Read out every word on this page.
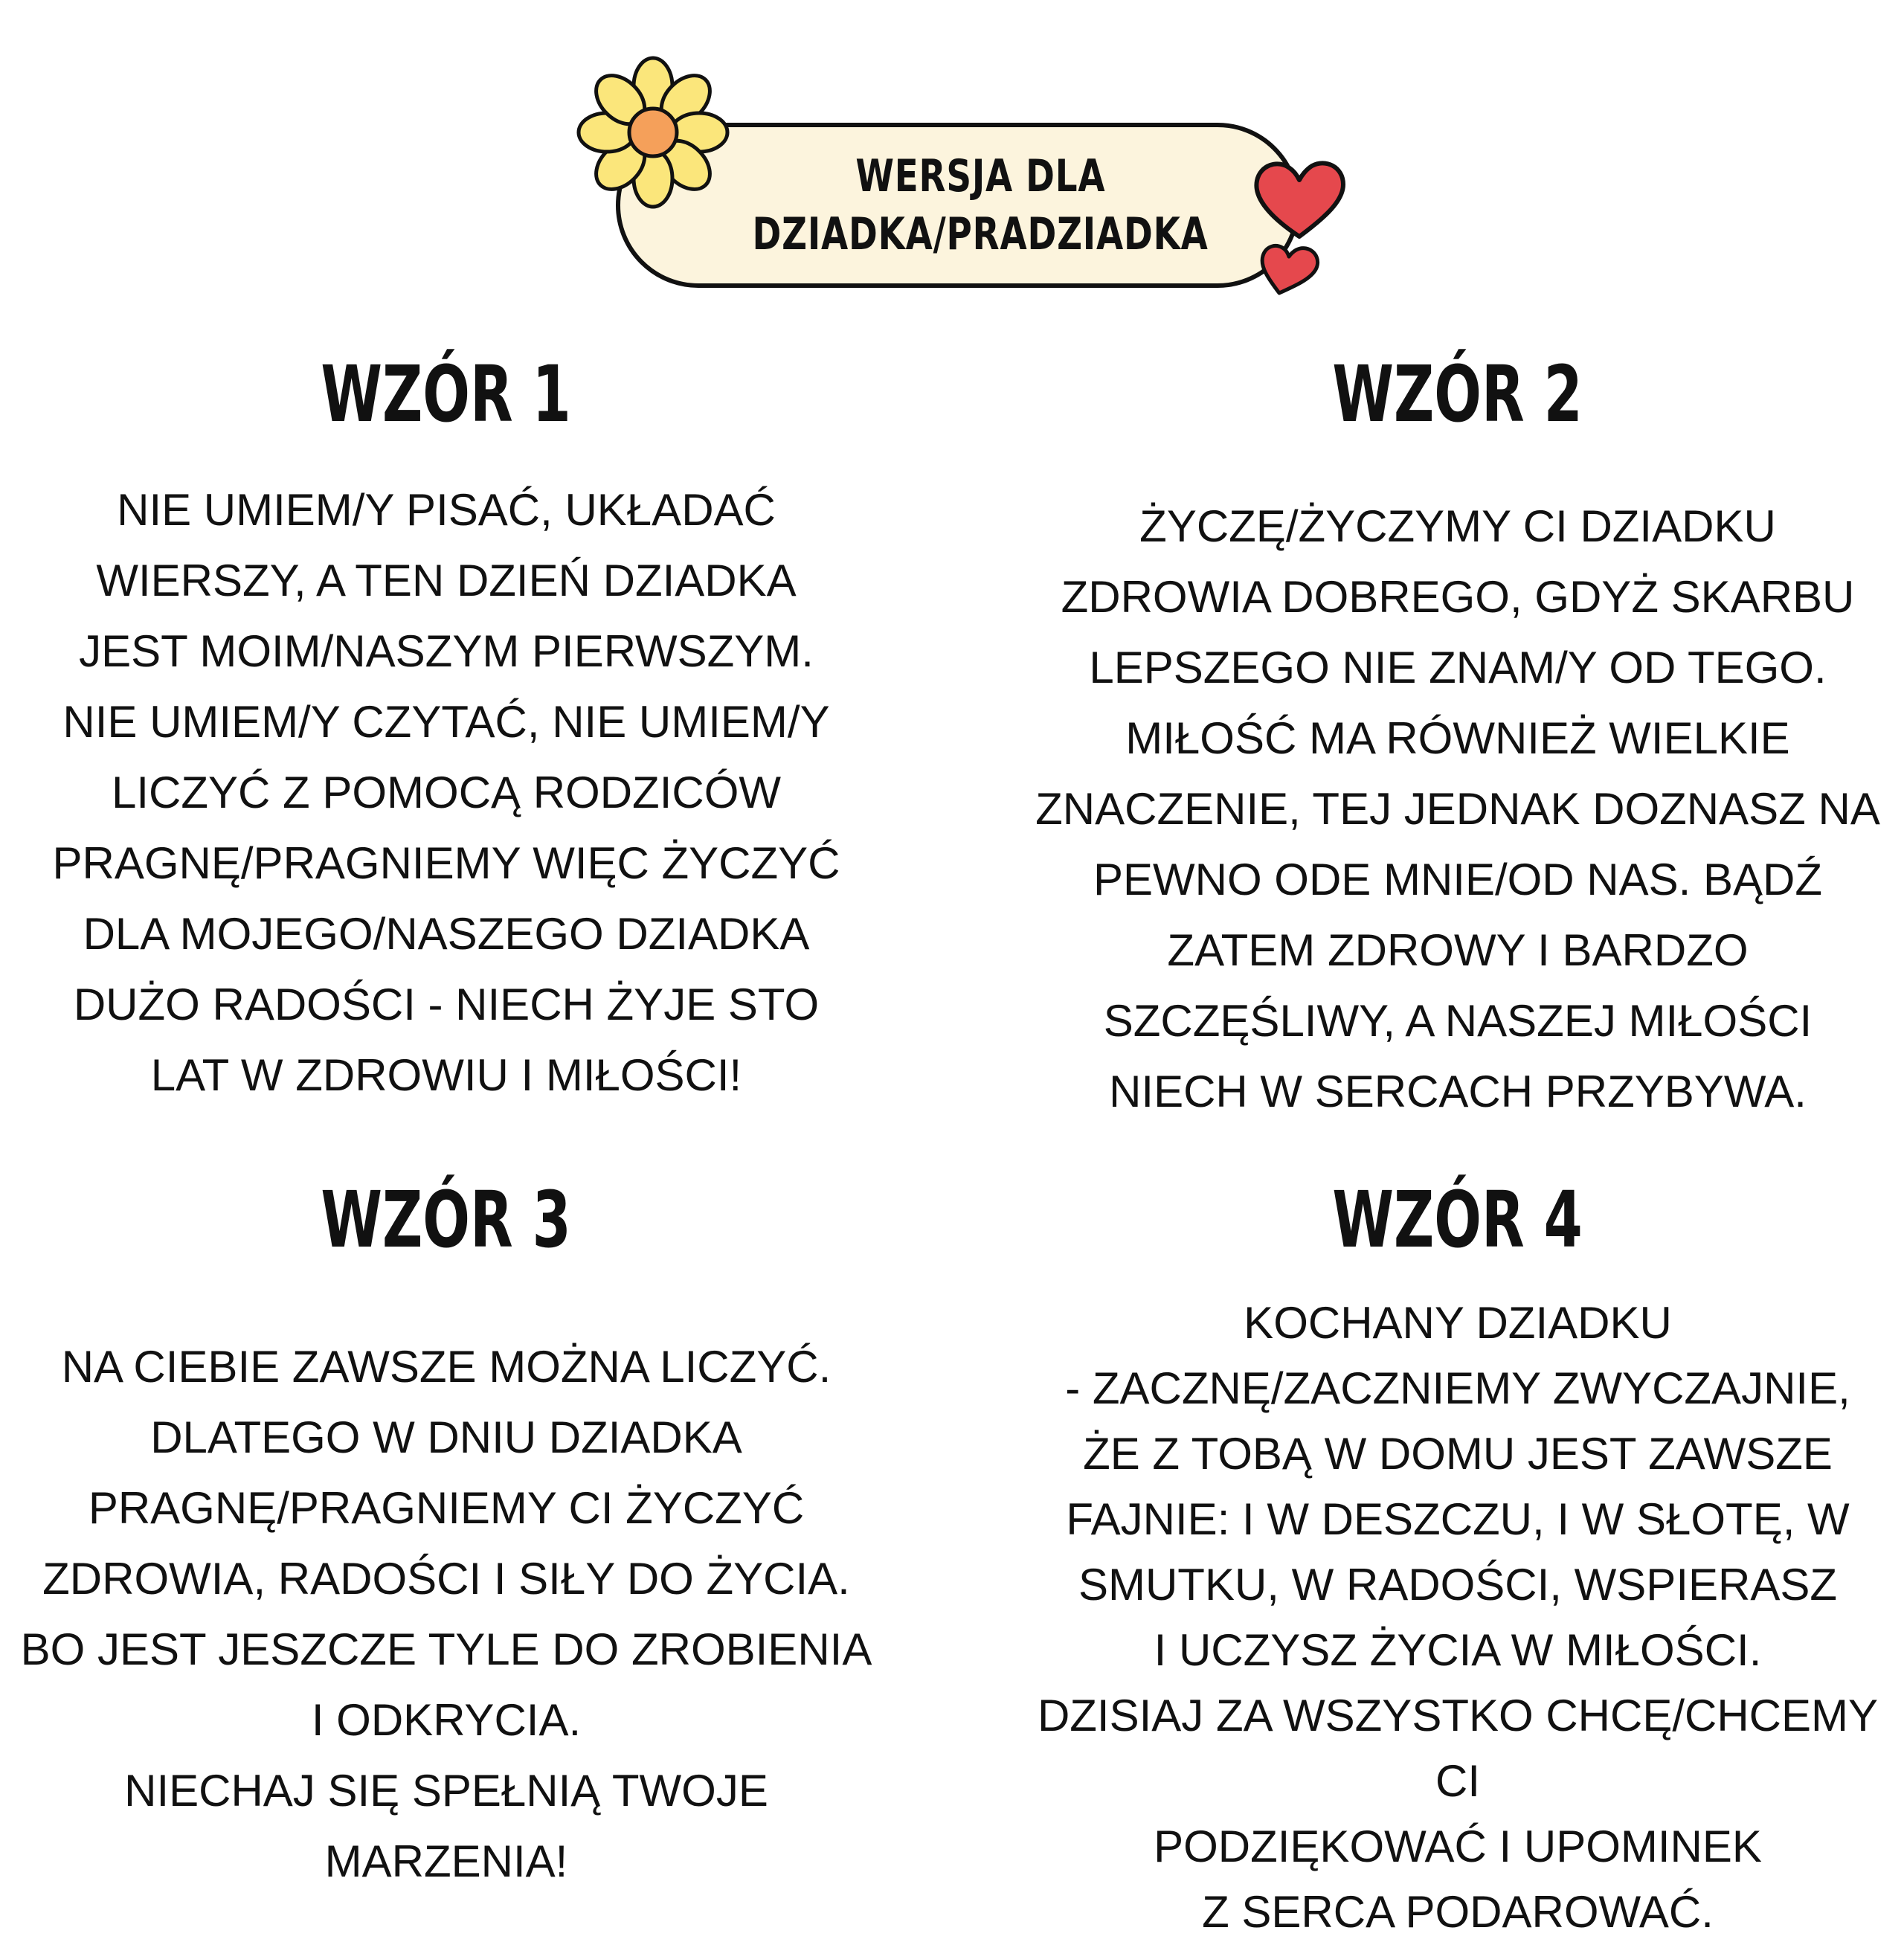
WERSJA DLA
DZIADKA/PRADZIADKA
WZÓR 1
NIE UMIEM/Y PISAĆ, UKŁADAĆ
WIERSZY, A TEN DZIEŃ DZIADKA
JEST MOIM/NASZYM PIERWSZYM.
NIE UMIEM/Y CZYTAĆ, NIE UMIEM/Y
LICZYĆ Z POMOCĄ RODZICÓW
PRAGNĘ/PRAGNIEMY WIĘC ŻYCZYĆ
DLA MOJEGO/NASZEGO DZIADKA
DUŻO RADOŚCI - NIECH ŻYJE STO
LAT W ZDROWIU I MIŁOŚCI!
WZÓR 2
ŻYCZĘ/ŻYCZYMY CI DZIADKU
ZDROWIA DOBREGO, GDYŻ SKARBU
LEPSZEGO NIE ZNAM/Y OD TEGO.
MIŁOŚĆ MA RÓWNIEŻ WIELKIE
ZNACZENIE, TEJ JEDNAK DOZNASZ NA
PEWNO ODE MNIE/OD NAS. BĄDŹ
ZATEM ZDROWY I BARDZO
SZCZĘŚLIWY, A NASZEJ MIŁOŚCI
NIECH W SERCACH PRZYBYWA.
WZÓR 3
NA CIEBIE ZAWSZE MOŻNA LICZYĆ.
DLATEGO W DNIU DZIADKA
PRAGNĘ/PRAGNIEMY CI ŻYCZYĆ
ZDROWIA, RADOŚCI I SIŁY DO ŻYCIA.
BO JEST JESZCZE TYLE DO ZROBIENIA
I ODKRYCIA.
NIECHAJ SIĘ SPEŁNIĄ TWOJE
MARZENIA!
WZÓR 4
KOCHANY DZIADKU
- ZACZNĘ/ZACZNIEMY ZWYCZAJNIE,
ŻE Z TOBĄ W DOMU JEST ZAWSZE
FAJNIE: I W DESZCZU, I W SŁOTĘ, W
SMUTKU, W RADOŚCI, WSPIERASZ
I UCZYSZ ŻYCIA W MIŁOŚCI.
DZISIAJ ZA WSZYSTKO CHCĘ/CHCEMY CI
PODZIĘKOWAĆ I UPOMINEK
Z SERCA PODAROWAĆ.
